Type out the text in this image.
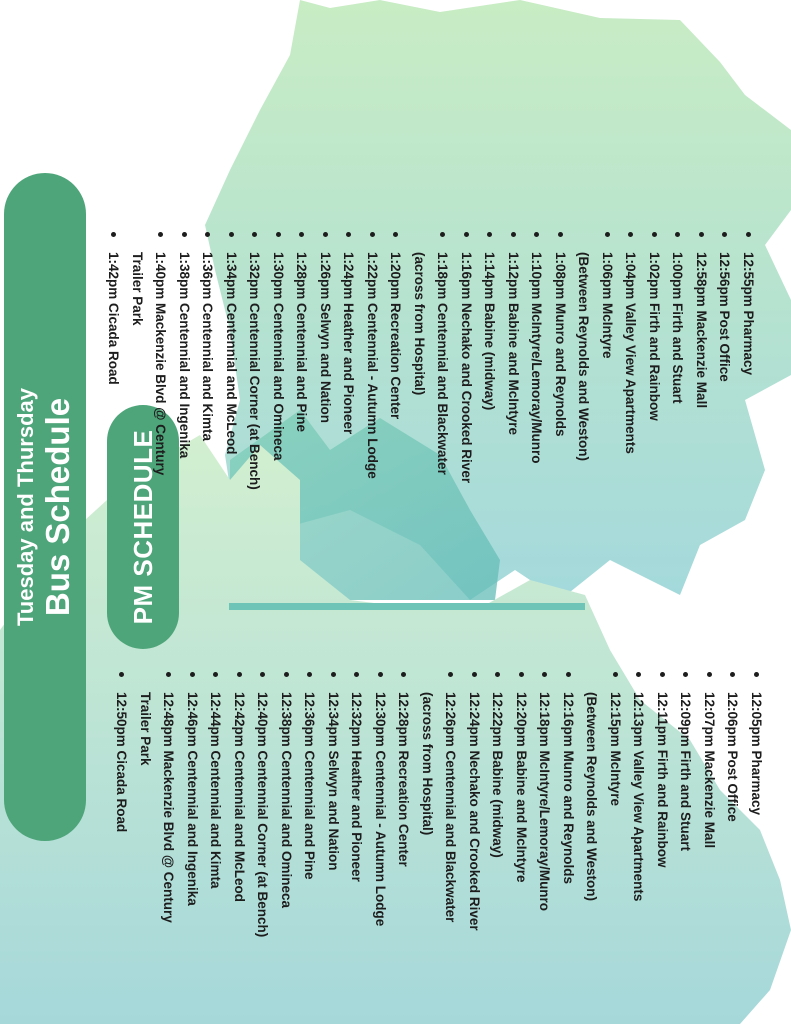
Tuesday and Thursday Bus Schedule	PM SCHEDULE
12:55pm Pharmacy
12:56pm Post Office
12:58pm Mackenzie Mall
1:00pm Firth and Stuart
1:02pm Firth and Rainbow
1:04pm Valley View Apartments
1:06pm McIntyre
(Between Reynolds and Weston)
1:08pm Munro and Reynolds
1:10pm McIntyre/Lemoray/Munro
1:12pm Babine and McIntyre
1:14pm Babine (midway)
1:16pm Nechako and Crooked River
1:18pm Centennial and Blackwater
(across from Hospital)
1:20pm Recreation Center
1:22pm Centennial - Autumn Lodge
1:24pm Heather and Pioneer
1:26pm Selwyn and Nation
1:28pm Centennial and Pine
1:30pm Centennial and Omineca
1:32pm Centennial Corner (at Bench)
1:34pm Centennial and McLeod
1:36pm Centennial and Kimta
1:38pm Centennial and Ingenika
1:40pm Mackenzie Blvd @ Century
Trailer Park
1:42pm Cicada Road
12:05pm Pharmacy
12:06pm Post Office
12:07pm Mackenzie Mall
12:09pm Firth and Stuart
12:11pm Firth and Rainbow
12:13pm Valley View Apartments
12:15pm McIntyre
(Between Reynolds and Weston)
12:16pm Munro and Reynolds
12:18pm McIntyre/Lemoray/Munro
12:20pm Babine and McIntyre
12:22pm Babine (midway)
12:24pm Nechako and Crooked River
12:26pm Centennial and Blackwater
(across from Hospital)
12:28pm Recreation Center
12:30pm Centennial - Autumn Lodge
12:32pm Heather and Pioneer
12:34pm Selwyn and Nation
12:36pm Centennial and Pine
12:38pm Centennial and Omineca
12:40pm Centennial Corner (at Bench)
12:42pm Centennial and McLeod
12:44pm Centennial and Kimta
12:46pm Centennial and Ingenika
12:48pm Mackenzie Blvd @ Century
Trailer Park
12:50pm Cicada Road
